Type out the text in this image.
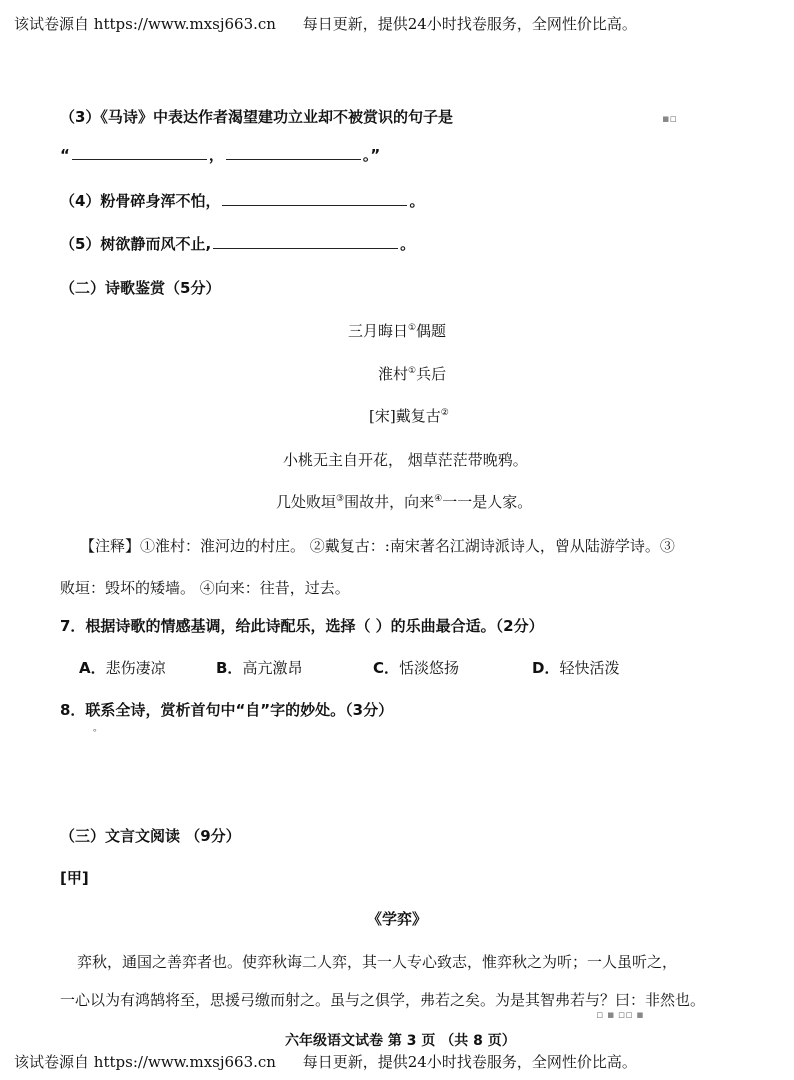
该试卷源自 https://www.mxsj663.cn 每日更新，提供24小时找卷服务，全网性价比高。
（3）《马诗》中表达作者渴望建功立业却不被赏识的句子是	▪▫
“	，	。”
（4）粉骨碎身浑不怕，	。
（5）树欲静而风不止,	。
（二）诗歌鉴赏（5分）
三月晦日①偶题
淮村①兵后
[宋]戴复古②
小桃无主自开花， 烟草茫茫带晚鸦。
几处败垣③围故井，向来④一一是人家。
【注释】①淮村：淮河边的村庄。 ②戴复古：:南宋著名江湖诗派诗人，曾从陆游学诗。③
败垣：毁坏的矮墙。 ④向来：往昔，过去。
7．根据诗歌的情感基调，给此诗配乐，选择（ ）的乐曲最合适。（2分）
A．悲伤凄凉	B．高亢激昂	C．恬淡悠扬	D．轻快活泼
8．联系全诗，赏析首句中“自”字的妙处。（3分）
˚
（三）文言文阅读 （9分）
[甲]
《学弈》
弈秋，通国之善弈者也。使弈秋诲二人弈，其一人专心致志，惟弈秋之为听；一人虽听之，
一心以为有鸿鹄将至，思援弓缴而射之。虽与之俱学，弗若之矣。为是其智弗若与？曰：非然也。
▫ ▪ ▫▫ ▪
六年级语文试卷 第 3 页 （共 8 页）
该试卷源自 https://www.mxsj663.cn 每日更新，提供24小时找卷服务，全网性价比高。
